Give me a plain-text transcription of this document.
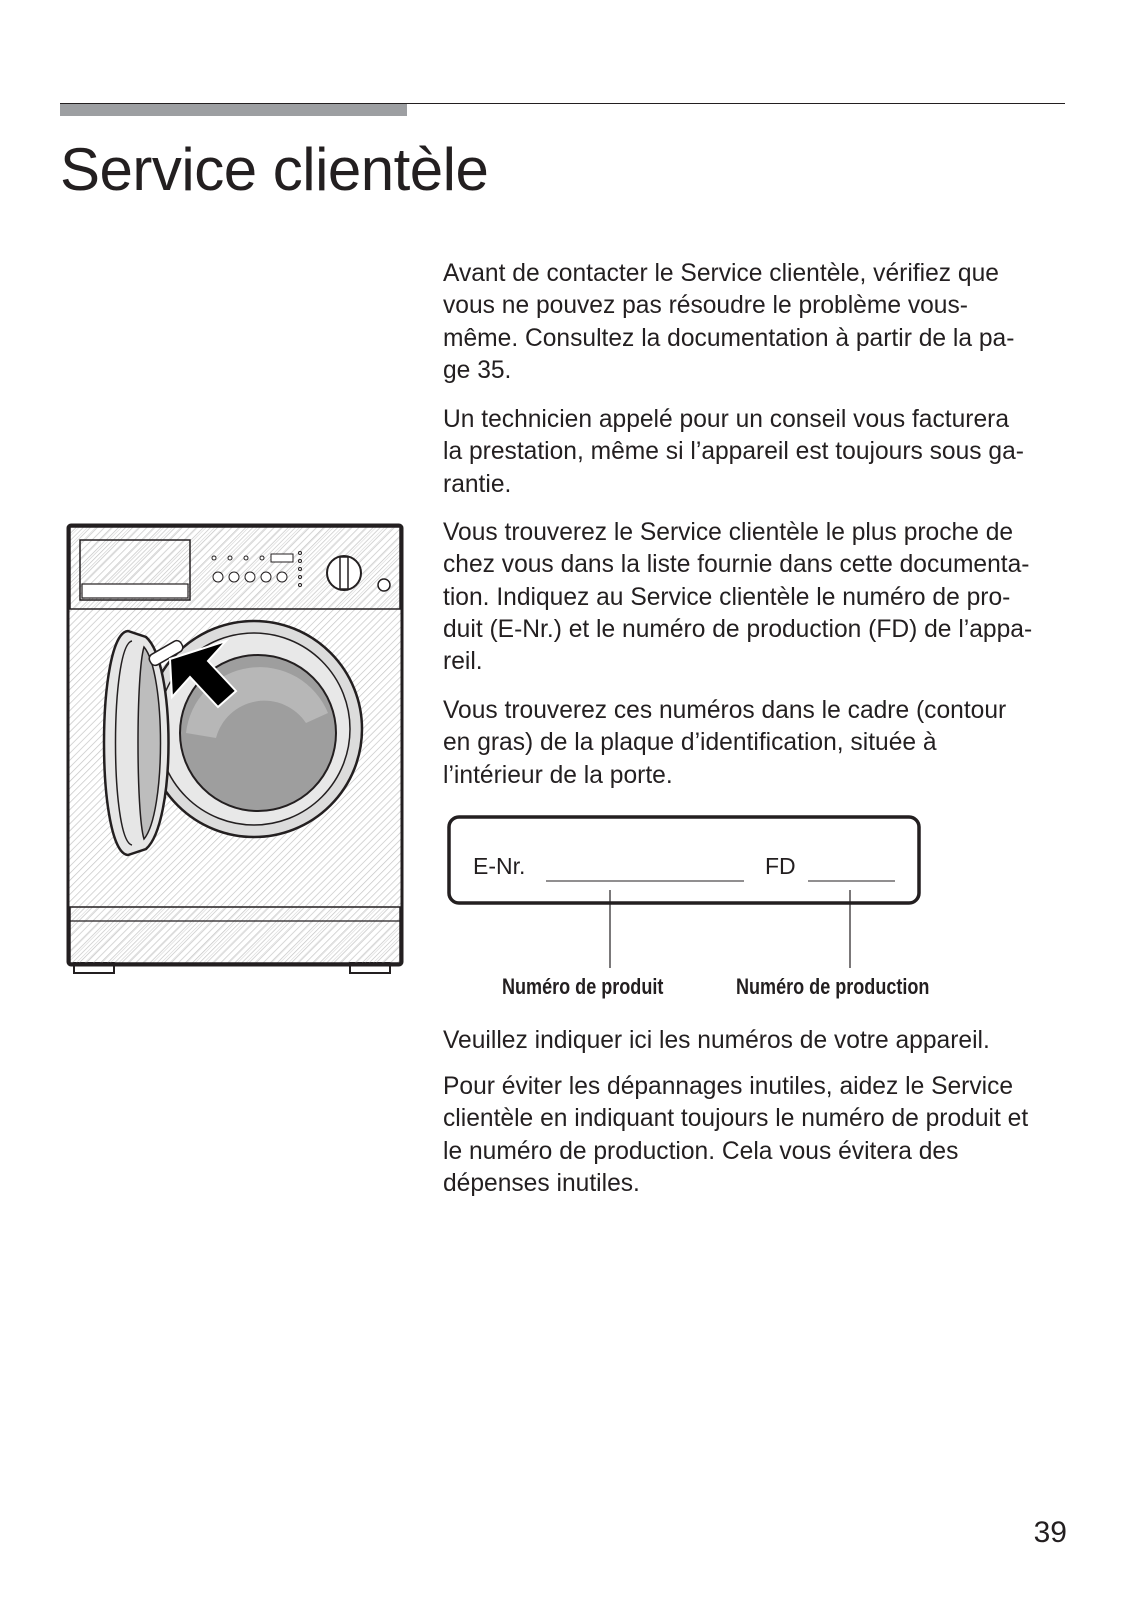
Service clientèle

Avant de contacter le Service clientèle, vérifiez que
vous ne pouvez pas résoudre le problème vous-
même. Consultez la documentation à partir de la pa-
ge 35.

Un technicien appelé pour un conseil vous facturera
la prestation, même si l’appareil est toujours sous ga-
rantie.

Vous trouverez le Service clientèle le plus proche de
chez vous dans la liste fournie dans cette documenta-
tion. Indiquez au Service clientèle le numéro de pro-
duit (E-Nr.) et le numéro de production (FD) de l’appa-
reil.

Vous trouverez ces numéros dans le cadre (contour
en gras) de la plaque d’identification, située à
l’intérieur de la porte.

E-Nr.	FD
Numéro de produit	Numéro de production

Veuillez indiquer ici les numéros de votre appareil.

Pour éviter les dépannages inutiles, aidez le Service
clientèle en indiquant toujours le numéro de produit et
le numéro de production. Cela vous évitera des
dépenses inutiles.

39
